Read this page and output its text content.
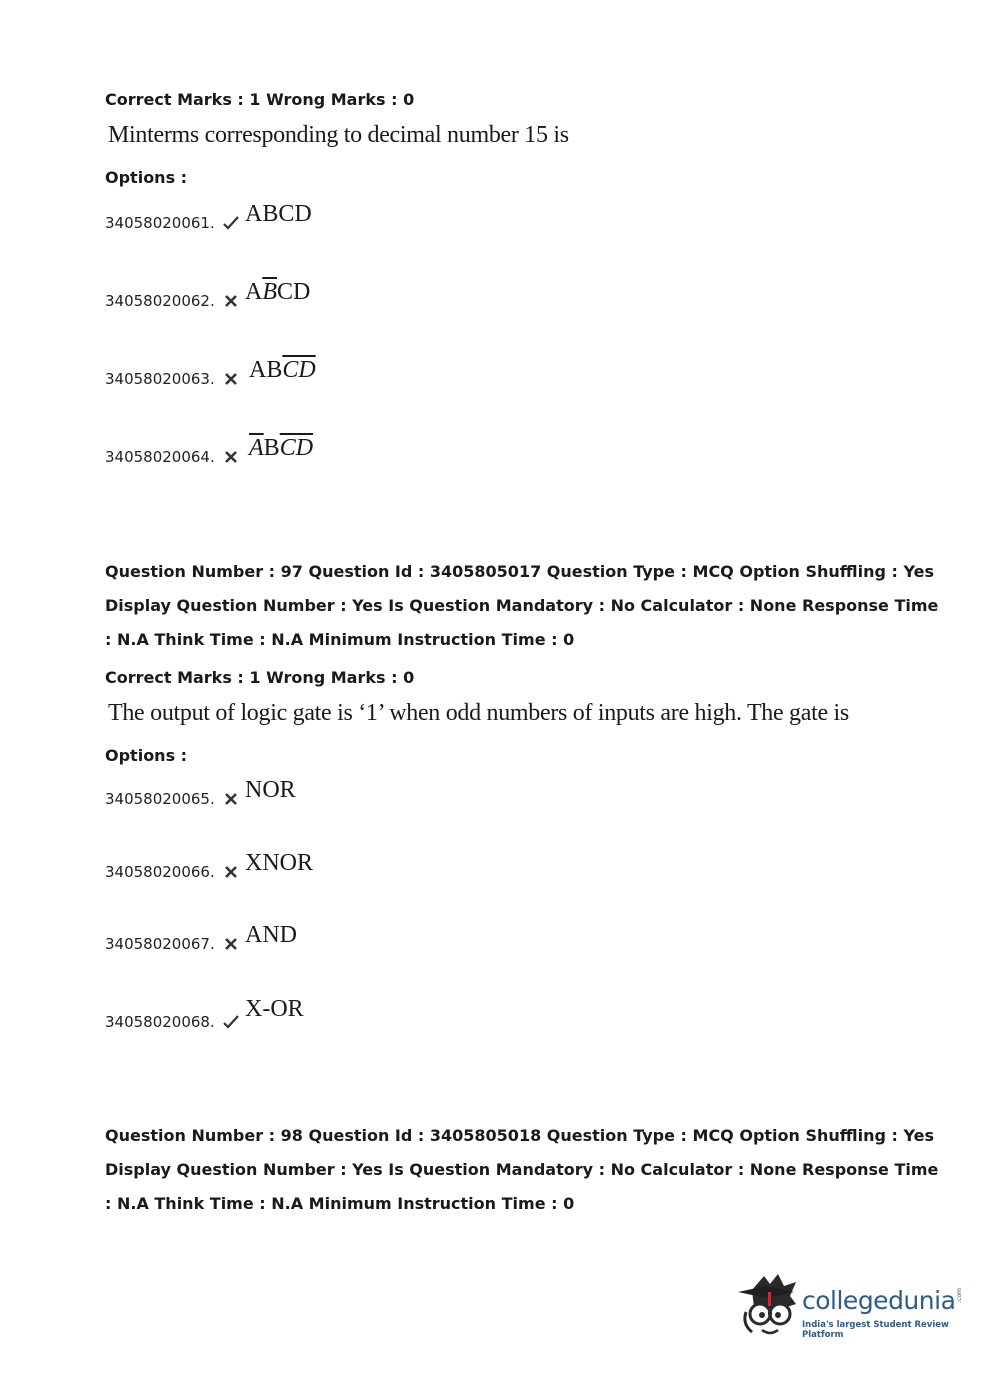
Correct Marks : 1 Wrong Marks : 0
Minterms corresponding to decimal number 15 is
Options :
34058020061. ABCD
34058020062. $A\overline{B}CD$
34058020063. $AB\overline{CD}$
34058020064. $\overline{A}B\overline{CD}$
Question Number : 97 Question Id : 3405805017 Question Type : MCQ Option Shuffling : Yes
Display Question Number : Yes Is Question Mandatory : No Calculator : None Response Time
: N.A Think Time : N.A Minimum Instruction Time : 0
Correct Marks : 1 Wrong Marks : 0
The output of logic gate is ‘1’ when odd numbers of inputs are high. The gate is
Options :
34058020065. NOR
34058020066. XNOR
34058020067. AND
34058020068. X-OR
Question Number : 98 Question Id : 3405805018 Question Type : MCQ Option Shuffling : Yes
Display Question Number : Yes Is Question Mandatory : No Calculator : None Response Time
: N.A Think Time : N.A Minimum Instruction Time : 0
collegedunia
India's largest Student Review Platform
.com
